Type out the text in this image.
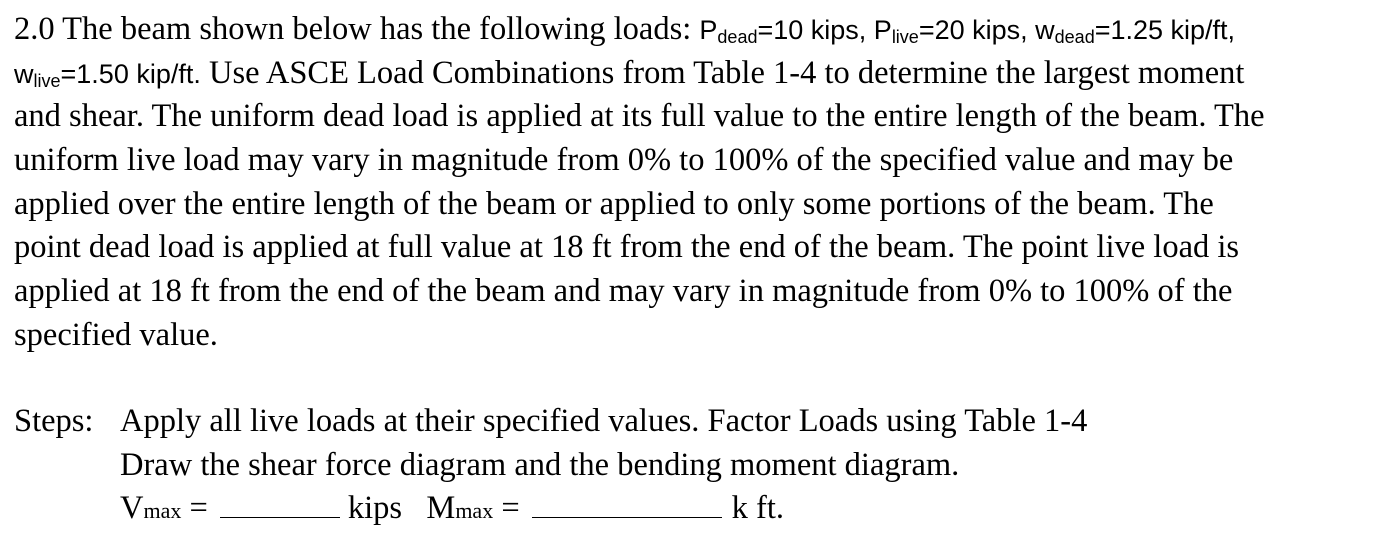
2.0 The beam shown below has the following loads: Pdead=10 kips, Plive=20 kips, wdead=1.25 kip/ft,
wlive=1.50 kip/ft. Use ASCE Load Combinations from Table 1-4 to determine the largest moment
and shear. The uniform dead load is applied at its full value to the entire length of the beam. The
uniform live load may vary in magnitude from 0% to 100% of the specified value and may be
applied over the entire length of the beam or applied to only some portions of the beam. The
point dead load is applied at full value at 18 ft from the end of the beam. The point live load is
applied at 18 ft from the end of the beam and may vary in magnitude from 0% to 100% of the
specified value.
Steps: Apply all live loads at their specified values. Factor Loads using Table 1-4
Draw the shear force diagram and the bending moment diagram.
Vmax =	kips Mmax =	k ft.
